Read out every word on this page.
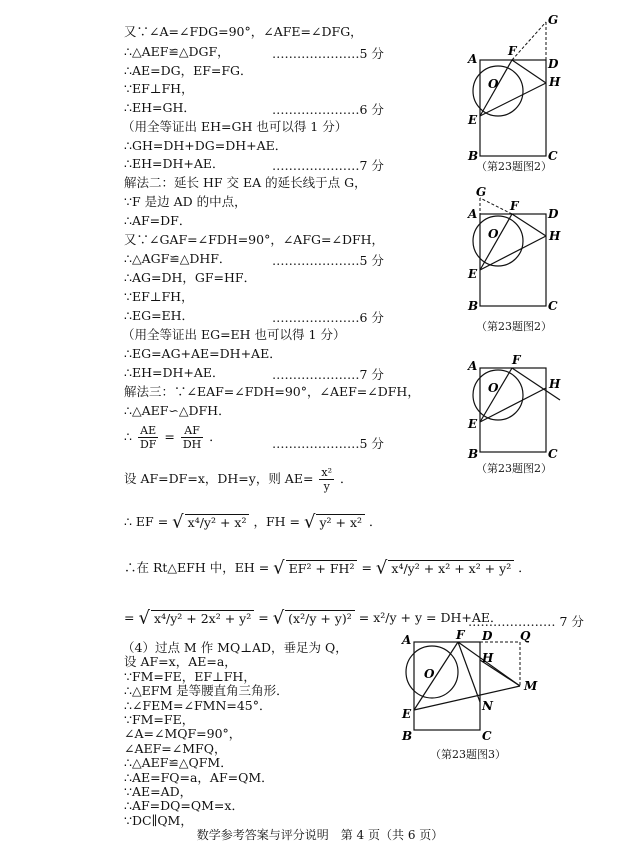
又∵∠A=∠FDG=90°，∠AFE=∠DFG，
∴△AEF≌△DGF，	…………………5 分
∴AE=DG，EF=FG．
∵EF⊥FH，
∴EH=GH．	…………………6 分
（用全等证出 EH=GH 也可以得 1 分）
∴GH=DH+DG=DH+AE．
∴EH=DH+AE．	…………………7 分
解法二：延长 HF 交 EA 的延长线于点 G，
∵F 是边 AD 的中点，
∴AF=DF．
又∵∠GAF=∠FDH=90°，∠AFG=∠DFH，
∴△AGF≌△DHF．	…………………5 分
∴AG=DH，GF=HF．
∵EF⊥FH，
∴EG=EH．	…………………6 分
（用全等证出 EG=EH 也可以得 1 分）
∴EG=AG+AE=DH+AE．
∴EH=DH+AE．	…………………7 分
解法三：∵∠EAF=∠FDH=90°，∠AEF=∠DFH，
∴△AEF∽△DFH．
∴ $\frac{AE}{DF} = \frac{AF}{DH}$ ．	…………………5 分
设 AF=DF=x，DH=y，则 $AE= \frac{\text{x²}}{y}$ ．
∴ EF = √ x⁴/y² + x² ，FH = √ y² + x² ．
∴在 Rt△EFH 中，EH = √ EF² + FH² = √ x⁴/y² + x² + x² + y² ．
= √ x⁴/y² + 2x² + y² = √ (x²/y + y)² = x²/y + y = DH+AE．
………………… 7 分
（4）过点 M 作 MQ⊥AD，垂足为 Q，
设 AF=x，AE=a，
∵FM=FE，EF⊥FH，
∴△EFM 是等腰直角三角形．
∴∠FEM=∠FMN=45°．
∵FM=FE，
∠A=∠MQF=90°，
∠AEF=∠MFQ，
∴△AEF≌△QFM．
∴AE=FQ=a，AF=QM．
A
F
G
D
H
O
E
B	C
（第23题图2）
G
A
F
D
H
O
E
B	C
（第23题图2）
A	F
H
O
E
B	C
（第23题图2）
A	F D Q
H
M
N
O
E
B	C
（第23题图3）
数学参考答案与评分说明　第 4 页（共 6 页）
∵AE=AD，
∴AF=DQ=QM=x．
∵DC∥QM，
